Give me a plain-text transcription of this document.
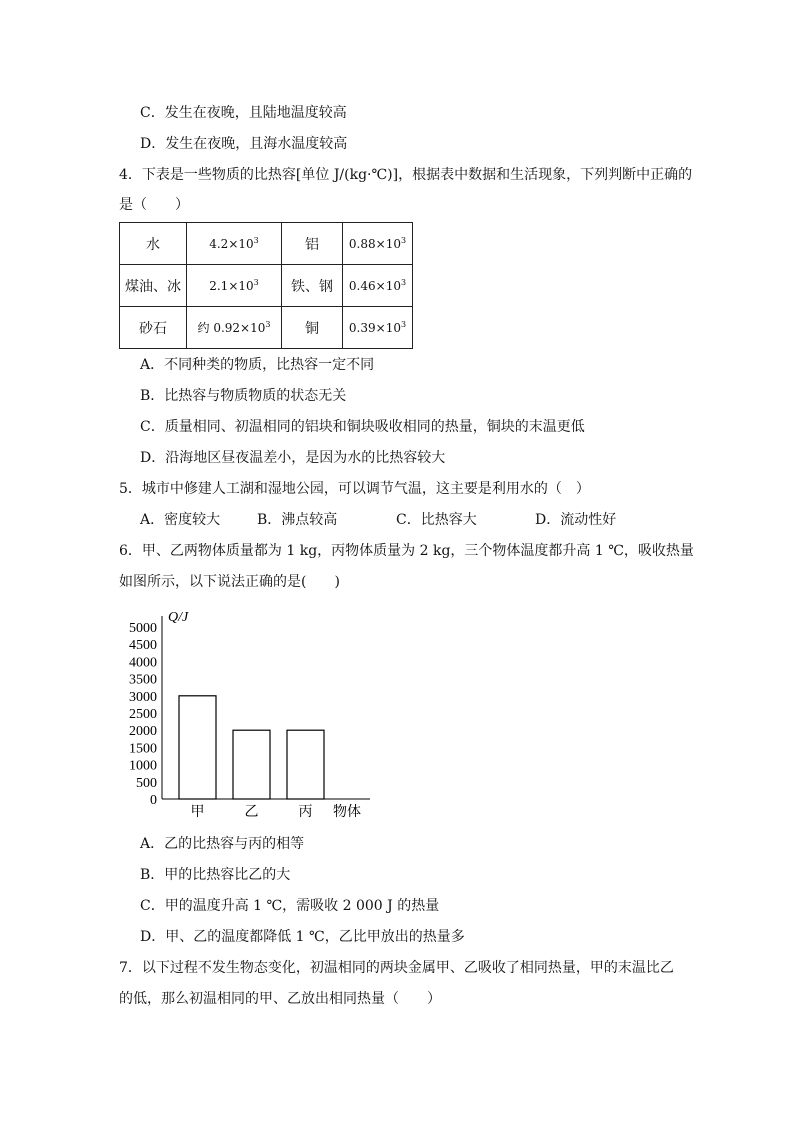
C．发生在夜晚，且陆地温度较高
D．发生在夜晚，且海水温度较高
4．下表是一些物质的比热容[单位 J/(kg·℃)]，根据表中数据和生活现象，下列判断中正确的
是（　　）
水	$4.2\times 10^3$	铝	$0.88\times 10^3$
煤油、冰	$2.1\times 10^3$	铁、钢	$0.46\times 10^3$
砂石	约 $0.92\times 10^3$	铜	$0.39\times 10^3$
A．不同种类的物质，比热容一定不同
B．比热容与物质物质的状态无关
C．质量相同、初温相同的铝块和铜块吸收相同的热量，铜块的末温更低
D．沿海地区昼夜温差小，是因为水的比热容较大
5．城市中修建人工湖和湿地公园，可以调节气温，这主要是利用水的（　）
A．密度较大	B．沸点较高	C．比热容大	D．流动性好
6．甲、乙两物体质量都为 1 kg，丙物体质量为 2 kg，三个物体温度都升高 1 ℃，吸收热量
如图所示，以下说法正确的是(　　)
0
500
1000
1500
2000
2500
3000
3500
4000
4500
5000
甲	乙	丙
Q/J
物体
A．乙的比热容与丙的相等
B．甲的比热容比乙的大
C．甲的温度升高 1 ℃，需吸收 2 000 J 的热量
D．甲、乙的温度都降低 1 ℃，乙比甲放出的热量多
7．以下过程不发生物态变化，初温相同的两块金属甲、乙吸收了相同热量，甲的末温比乙
的低，那么初温相同的甲、乙放出相同热量（　　）
